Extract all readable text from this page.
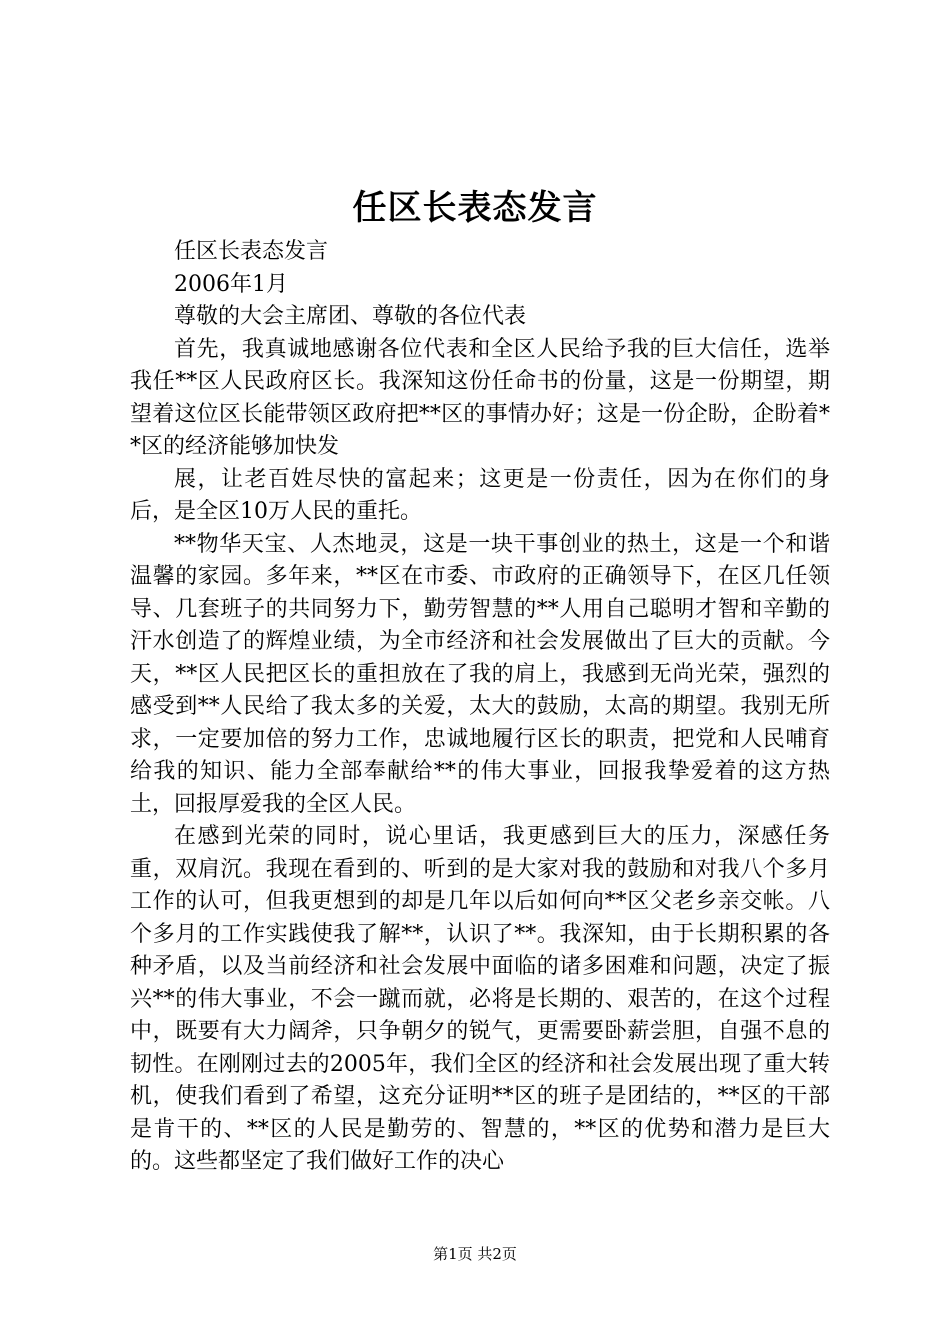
任区长表态发言

任区长表态发言

2006年1月

尊敬的大会主席团、尊敬的各位代表

首先，我真诚地感谢各位代表和全区人民给予我的巨大信任，选举我任**区人民政府区长。我深知这份任命书的份量，这是一份期望，期望着这位区长能带领区政府把**区的事情办好；这是一份企盼，企盼着**区的经济能够加快发

展，让老百姓尽快的富起来；这更是一份责任，因为在你们的身后，是全区10万人民的重托。

**物华天宝、人杰地灵，这是一块干事创业的热土，这是一个和谐温馨的家园。多年来，**区在市委、市政府的正确领导下，在区几任领导、几套班子的共同努力下，勤劳智慧的**人用自己聪明才智和辛勤的汗水创造了的辉煌业绩，为全市经济和社会发展做出了巨大的贡献。今天，**区人民把区长的重担放在了我的肩上，我感到无尚光荣，强烈的感受到**人民给了我太多的关爱，太大的鼓励，太高的期望。我别无所求，一定要加倍的努力工作，忠诚地履行区长的职责，把党和人民哺育给我的知识、能力全部奉献给**的伟大事业，回报我挚爱着的这方热土，回报厚爱我的全区人民。

在感到光荣的同时，说心里话，我更感到巨大的压力，深感任务重，双肩沉。我现在看到的、听到的是大家对我的鼓励和对我八个多月工作的认可，但我更想到的却是几年以后如何向**区父老乡亲交帐。八个多月的工作实践使我了解**，认识了**。我深知，由于长期积累的各种矛盾，以及当前经济和社会发展中面临的诸多困难和问题，决定了振兴**的伟大事业，不会一蹴而就，必将是长期的、艰苦的，在这个过程中，既要有大力阔斧，只争朝夕的锐气，更需要卧薪尝胆，自强不息的韧性。在刚刚过去的2005年，我们全区的经济和社会发展出现了重大转机，使我们看到了希望，这充分证明**区的班子是团结的，**区的干部是肯干的、**区的人民是勤劳的、智慧的，**区的优势和潜力是巨大的。这些都坚定了我们做好工作的决心

第1页 共2页
